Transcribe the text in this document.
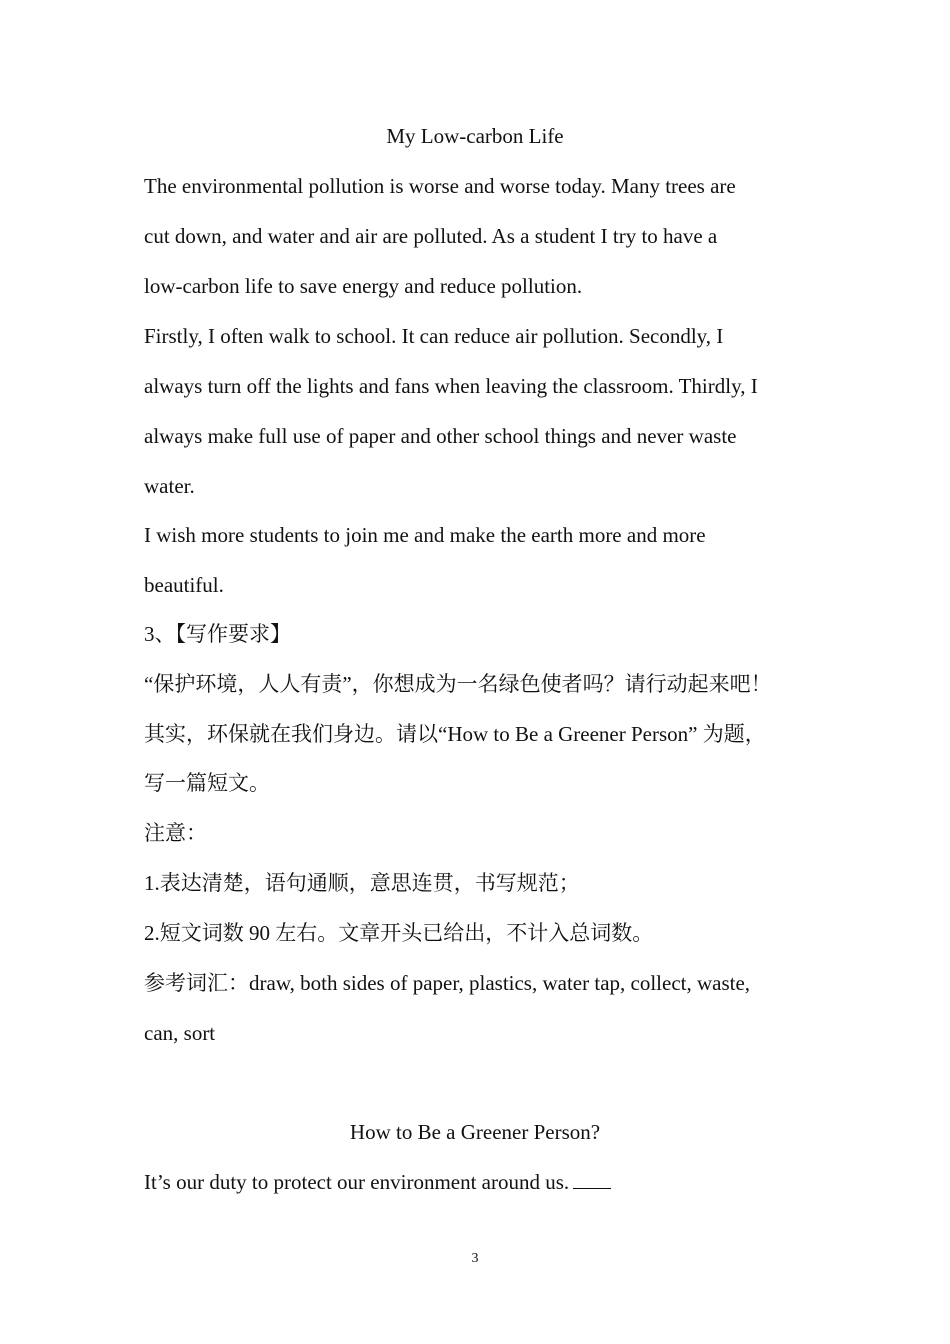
My Low-carbon Life
The environmental pollution is worse and worse today. Many trees are
cut down, and water and air are polluted. As a student I try to have a
low-carbon life to save energy and reduce pollution.
Firstly, I often walk to school. It can reduce air pollution. Secondly, I
always turn off the lights and fans when leaving the classroom. Thirdly, I
always make full use of paper and other school things and never waste
water.
I wish more students to join me and make the earth more and more
beautiful.
3、【写作要求】
“保护环境，人人有责”，你想成为一名绿色使者吗？请行动起来吧！
其实，环保就在我们身边。请以“How to Be a Greener Person” 为题，
写一篇短文。
注意：
1.表达清楚，语句通顺，意思连贯，书写规范；
2.短文词数 90 左右。文章开头已给出，不计入总词数。
参考词汇：draw, both sides of paper, plastics, water tap, collect, waste,
can, sort
How to Be a Greener Person?
It’s our duty to protect our environment around us.
3
